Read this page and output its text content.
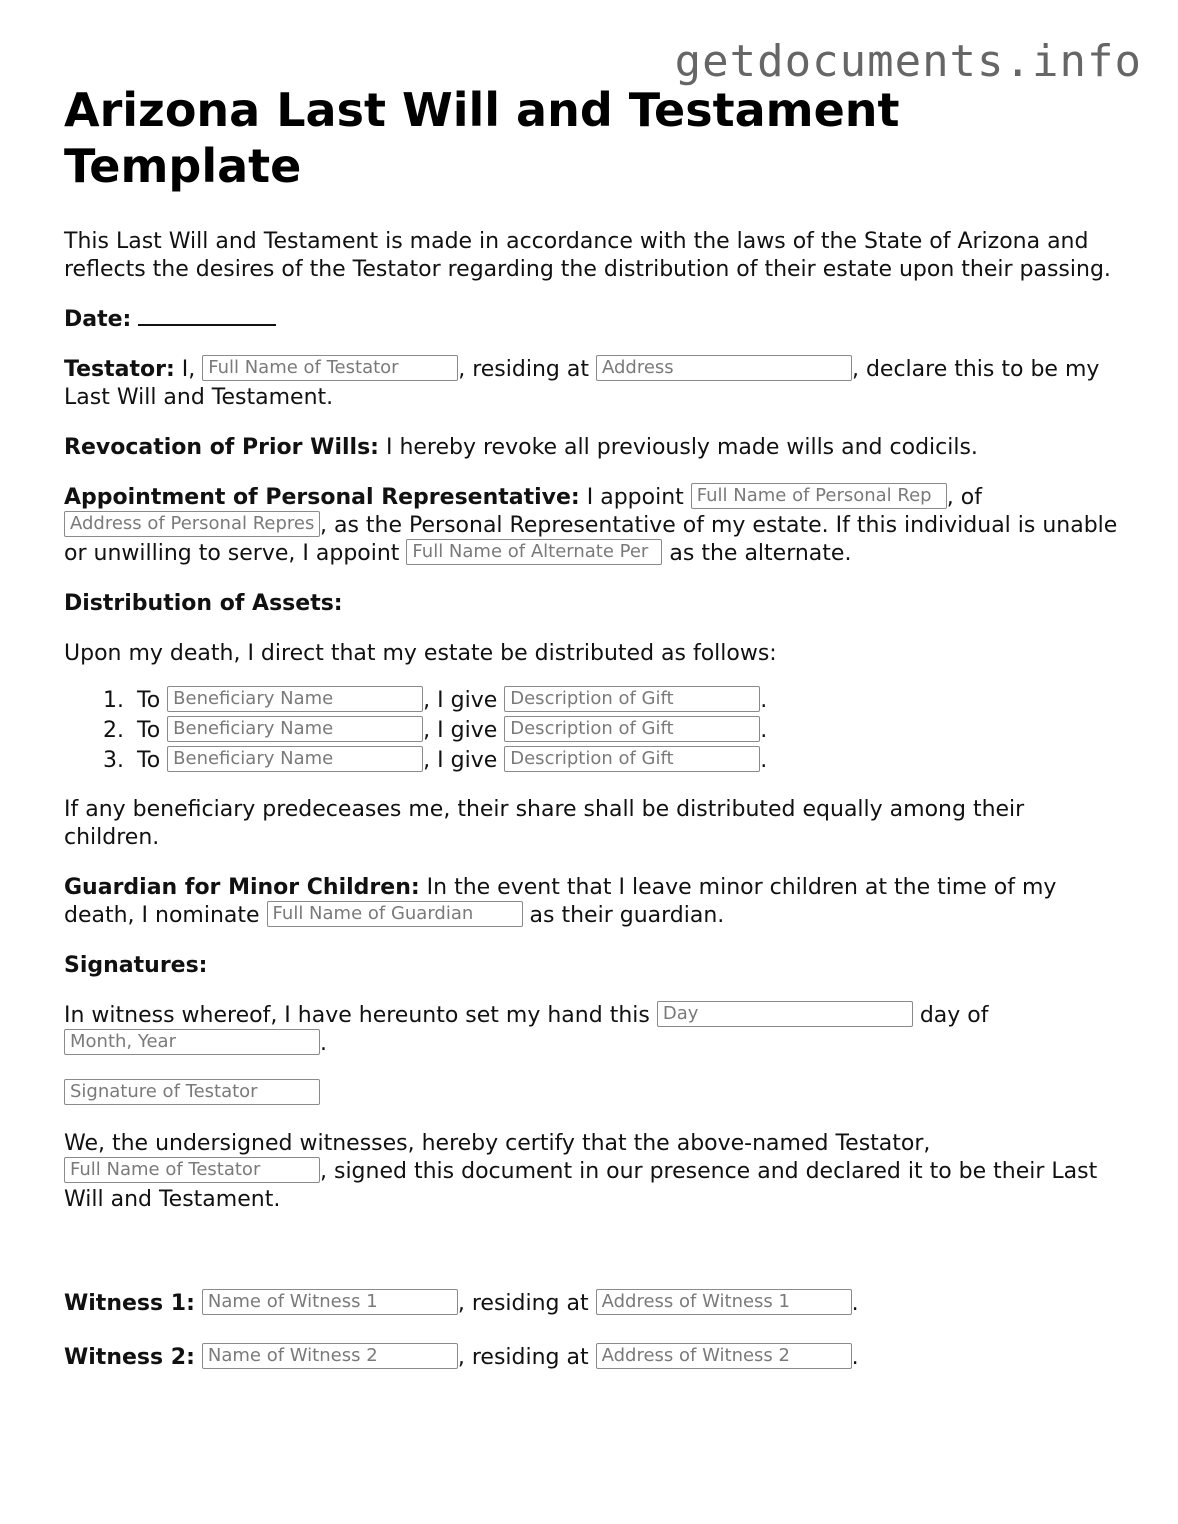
getdocuments.info
Arizona Last Will and Testament Template

This Last Will and Testament is made in accordance with the laws of the State of Arizona and reflects the desires of the Testator regarding the distribution of their estate upon their passing.

Date:

Testator: I, Full Name of Testator	, residing at Address	, declare this to be my Last Will and Testament.

Revocation of Prior Wills: I hereby revoke all previously made wills and codicils.

Appointment of Personal Representative: I appoint Full Name of Personal Rep , of Address of Personal Repres , as the Personal Representative of my estate. If this individual is unable or unwilling to serve, I appoint Full Name of Alternate Per as the alternate.

Distribution of Assets:

Upon my death, I direct that my estate be distributed as follows:

1. To Beneficiary Name	, I give Description of Gift	.
2. To Beneficiary Name	, I give Description of Gift	.
3. To Beneficiary Name	, I give Description of Gift	.

If any beneficiary predeceases me, their share shall be distributed equally among their children.

Guardian for Minor Children: In the event that I leave minor children at the time of my death, I nominate Full Name of Guardian as their guardian.

Signatures:

In witness whereof, I have hereunto set my hand this Day	day of Month, Year	.

Signature of Testator

We, the undersigned witnesses, hereby certify that the above-named Testator, Full Name of Testator	, signed this document in our presence and declared it to be their Last Will and Testament.

Witness 1: Name of Witness 1	, residing at Address of Witness 1	.

Witness 2: Name of Witness 2	, residing at Address of Witness 2	.
